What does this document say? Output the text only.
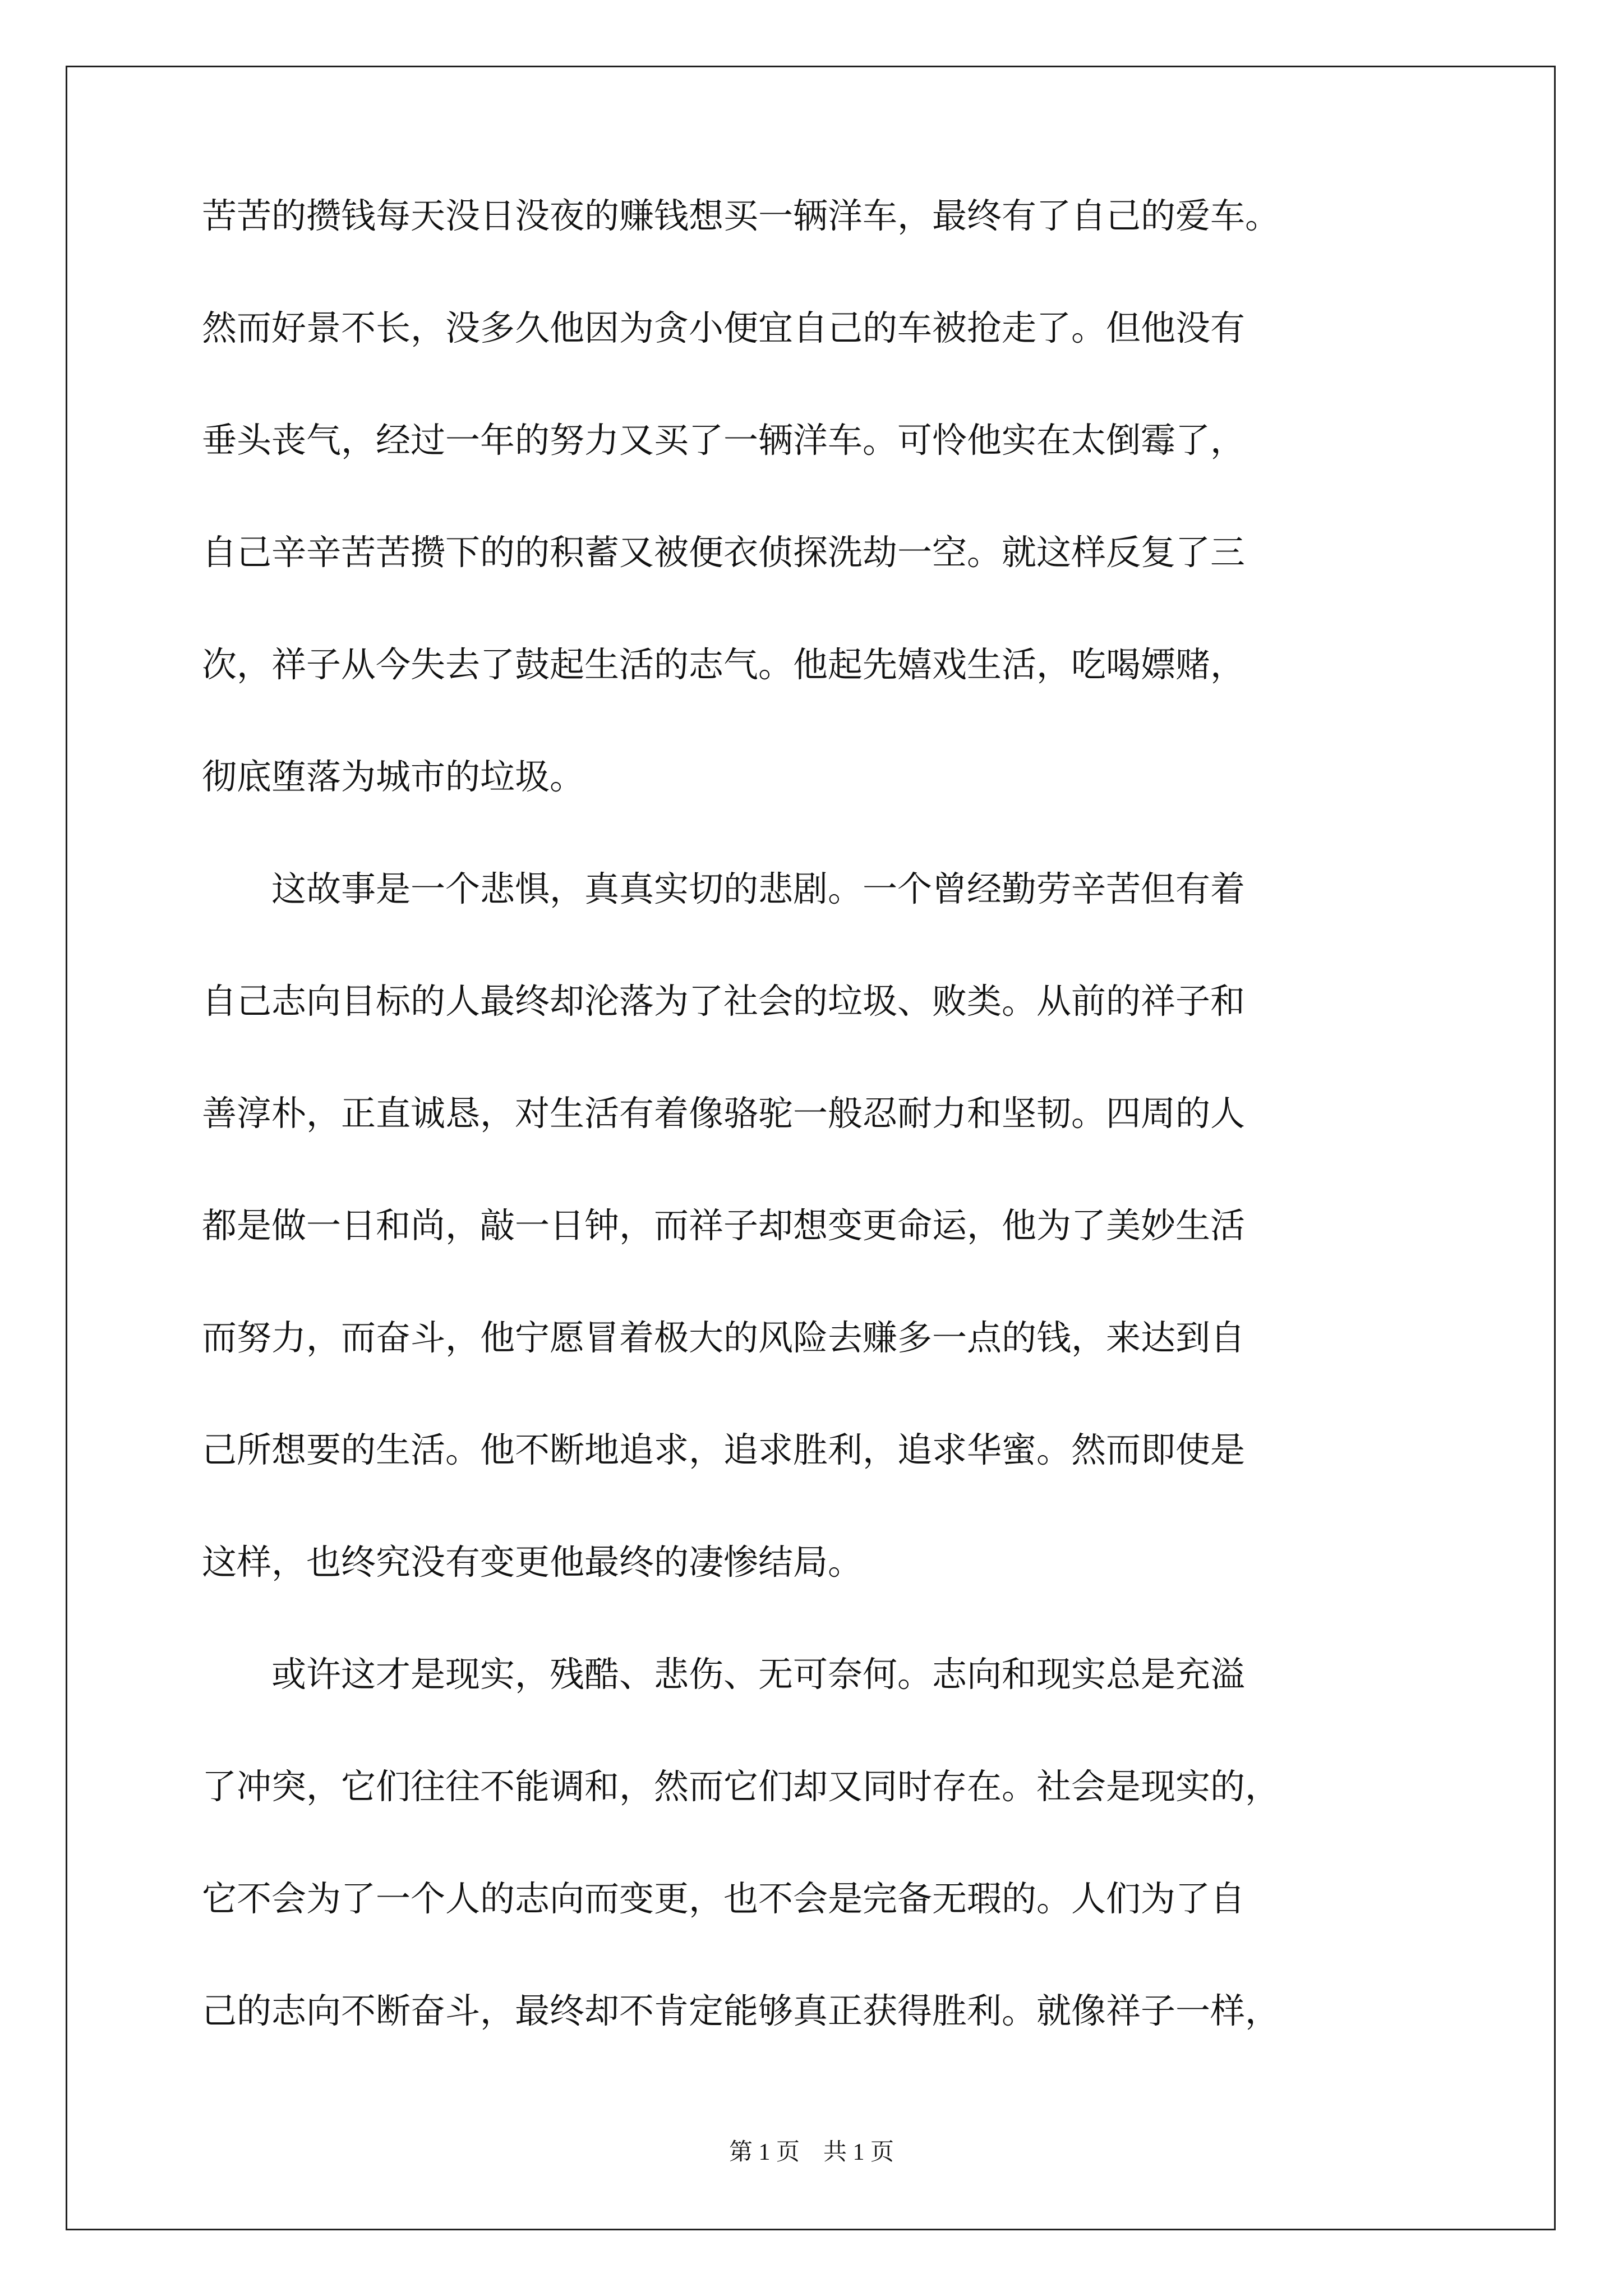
苦苦的攒钱每天没日没夜的赚钱想买一辆洋车，最终有了自己的爱车。
然而好景不长，没多久他因为贪小便宜自己的车被抢走了。但他没有
垂头丧气，经过一年的努力又买了一辆洋车。可怜他实在太倒霉了，
自己辛辛苦苦攒下的的积蓄又被便衣侦探洗劫一空。就这样反复了三
次，祥子从今失去了鼓起生活的志气。他起先嬉戏生活，吃喝嫖赌，
彻底堕落为城市的垃圾。
　　这故事是一个悲惧，真真实切的悲剧。一个曾经勤劳辛苦但有着
自己志向目标的人最终却沦落为了社会的垃圾、败类。从前的祥子和
善淳朴，正直诚恳，对生活有着像骆驼一般忍耐力和坚韧。四周的人
都是做一日和尚，敲一日钟，而祥子却想变更命运，他为了美妙生活
而努力，而奋斗，他宁愿冒着极大的风险去赚多一点的钱，来达到自
己所想要的生活。他不断地追求，追求胜利，追求华蜜。然而即使是
这样，也终究没有变更他最终的凄惨结局。
　　或许这才是现实，残酷、悲伤、无可奈何。志向和现实总是充溢
了冲突，它们往往不能调和，然而它们却又同时存在。社会是现实的，
它不会为了一个人的志向而变更，也不会是完备无瑕的。人们为了自
己的志向不断奋斗，最终却不肯定能够真正获得胜利。就像祥子一样，
第 1 页　共 1 页
